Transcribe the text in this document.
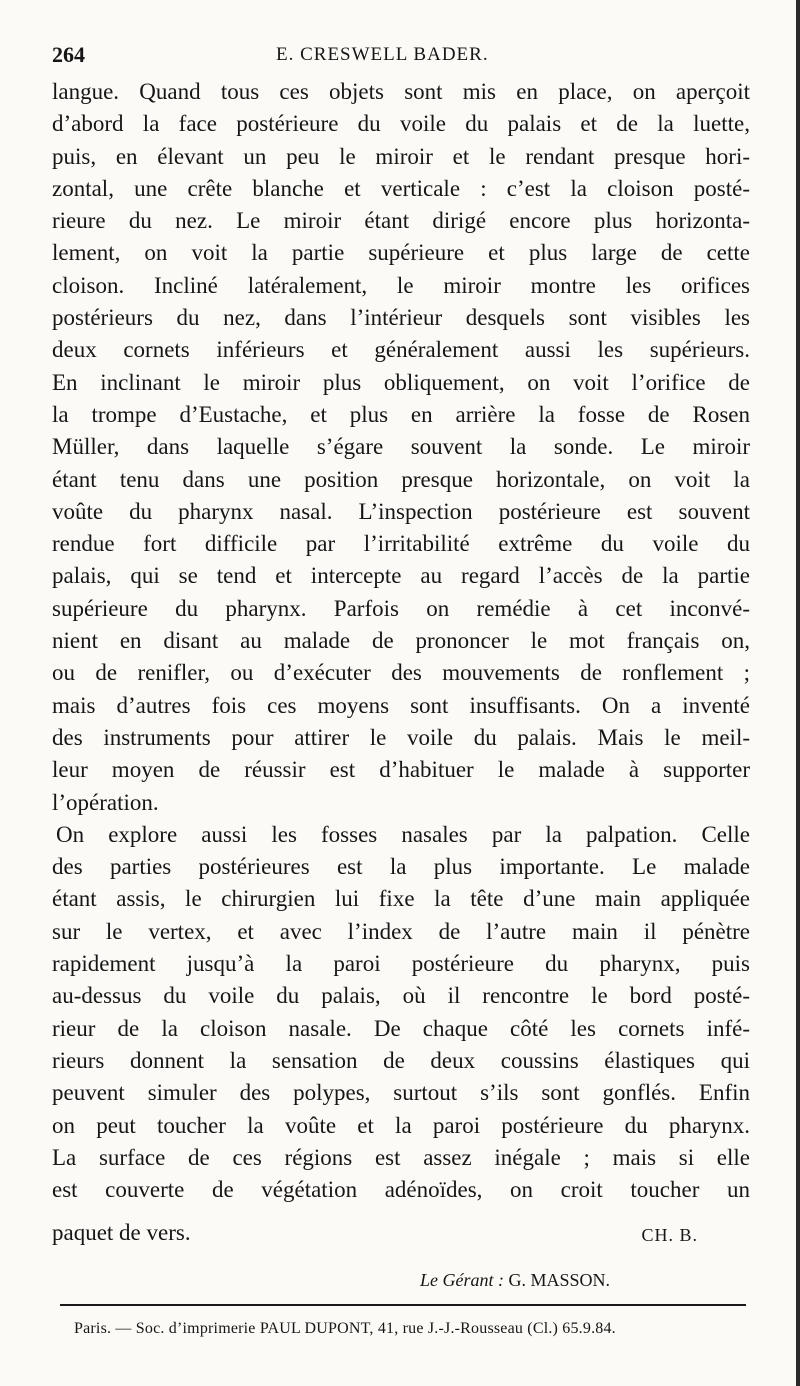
264	E. CRESWELL BADER.
langue. Quand tous ces objets sont mis en place, on aperçoit
d’abord la face postérieure du voile du palais et de la luette,
puis, en élevant un peu le miroir et le rendant presque hori-
zontal, une crête blanche et verticale : c’est la cloison posté-
rieure du nez. Le miroir étant dirigé encore plus horizonta-
lement, on voit la partie supérieure et plus large de cette
cloison. Incliné latéralement, le miroir montre les orifices
postérieurs du nez, dans l’intérieur desquels sont visibles les
deux cornets inférieurs et généralement aussi les supérieurs.
En inclinant le miroir plus obliquement, on voit l’orifice de
la trompe d’Eustache, et plus en arrière la fosse de Rosen
Müller, dans laquelle s’égare souvent la sonde. Le miroir
étant tenu dans une position presque horizontale, on voit la
voûte du pharynx nasal. L’inspection postérieure est souvent
rendue fort difficile par l’irritabilité extrême du voile du
palais, qui se tend et intercepte au regard l’accès de la partie
supérieure du pharynx. Parfois on remédie à cet inconvé-
nient en disant au malade de prononcer le mot français on,
ou de renifler, ou d’exécuter des mouvements de ronflement ;
mais d’autres fois ces moyens sont insuffisants. On a inventé
des instruments pour attirer le voile du palais. Mais le meil-
leur moyen de réussir est d’habituer le malade à supporter
l’opération.
On explore aussi les fosses nasales par la palpation. Celle
des parties postérieures est la plus importante. Le malade
étant assis, le chirurgien lui fixe la tête d’une main appliquée
sur le vertex, et avec l’index de l’autre main il pénètre
rapidement jusqu’à la paroi postérieure du pharynx, puis
au-dessus du voile du palais, où il rencontre le bord posté-
rieur de la cloison nasale. De chaque côté les cornets infé-
rieurs donnent la sensation de deux coussins élastiques qui
peuvent simuler des polypes, surtout s’ils sont gonflés. Enfin
on peut toucher la voûte et la paroi postérieure du pharynx.
La surface de ces régions est assez inégale ; mais si elle
est couverte de végétation adénoïdes, on croit toucher un
paquet de vers.	CH. B.
Le Gérant : G. MASSON.
Paris. — Soc. d’imprimerie PAUL DUPONT, 41, rue J.-J.-Rousseau (Cl.) 65.9.84.
